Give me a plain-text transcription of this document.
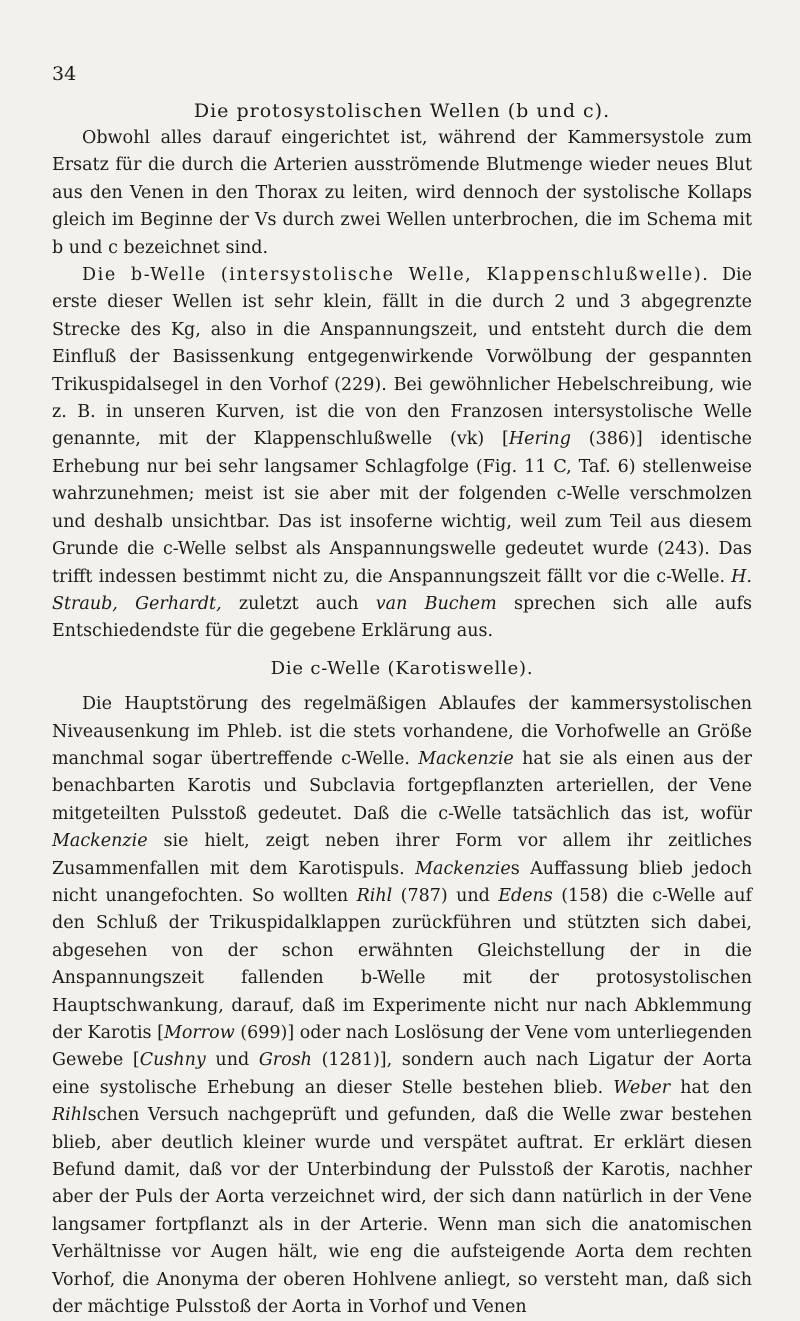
34
Die protosystolischen Wellen (b und c).

Obwohl alles darauf eingerichtet ist, während der Kammersystole zum Ersatz für die durch die Arterien ausströmende Blutmenge wieder neues Blut aus den Venen in den Thorax zu leiten, wird dennoch der systolische Kollaps gleich im Beginne der Vs durch zwei Wellen unterbrochen, die im Schema mit b und c bezeichnet sind.

Die b-Welle (intersystolische Welle, Klappenschlußwelle). Die erste dieser Wellen ist sehr klein, fällt in die durch 2 und 3 abgegrenzte Strecke des Kg, also in die Anspannungszeit, und entsteht durch die dem Einfluß der Basissenkung entgegenwirkende Vorwölbung der gespannten Trikuspidalsegel in den Vorhof (229). Bei gewöhnlicher Hebelschreibung, wie z. B. in unseren Kurven, ist die von den Franzosen intersystolische Welle genannte, mit der Klappenschlußwelle (vk) [Hering (386)] identische Erhebung nur bei sehr langsamer Schlagfolge (Fig. 11 C, Taf. 6) stellenweise wahrzunehmen; meist ist sie aber mit der folgenden c-Welle verschmolzen und deshalb unsichtbar. Das ist insoferne wichtig, weil zum Teil aus diesem Grunde die c-Welle selbst als Anspannungswelle gedeutet wurde (243). Das trifft indessen bestimmt nicht zu, die Anspannungszeit fällt vor die c-Welle. H. Straub, Gerhardt, zuletzt auch van Buchem sprechen sich alle aufs Entschiedendste für die gegebene Erklärung aus.

Die c-Welle (Karotiswelle).

Die Hauptstörung des regelmäßigen Ablaufes der kammersystolischen Niveausenkung im Phleb. ist die stets vorhandene, die Vorhofwelle an Größe manchmal sogar übertreffende c-Welle. Mackenzie hat sie als einen aus der benachbarten Karotis und Subclavia fortgepflanzten arteriellen, der Vene mitgeteilten Pulsstoß gedeutet. Daß die c-Welle tatsächlich das ist, wofür Mackenzie sie hielt, zeigt neben ihrer Form vor allem ihr zeitliches Zusammenfallen mit dem Karotispuls. Mackenzies Auffassung blieb jedoch nicht unangefochten. So wollten Rihl (787) und Edens (158) die c-Welle auf den Schluß der Trikuspidalklappen zurückführen und stützten sich dabei, abgesehen von der schon erwähnten Gleichstellung der in die Anspannungszeit fallenden b-Welle mit der protosystolischen Hauptschwankung, darauf, daß im Experimente nicht nur nach Abklemmung der Karotis [Morrow (699)] oder nach Loslösung der Vene vom unterliegenden Gewebe [Cushny und Grosh (1281)], sondern auch nach Ligatur der Aorta eine systolische Erhebung an dieser Stelle bestehen blieb. Weber hat den Rihlschen Versuch nachgeprüft und gefunden, daß die Welle zwar bestehen blieb, aber deutlich kleiner wurde und verspätet auftrat. Er erklärt diesen Befund damit, daß vor der Unterbindung der Pulsstoß der Karotis, nachher aber der Puls der Aorta verzeichnet wird, der sich dann natürlich in der Vene langsamer fortpflanzt als in der Arterie. Wenn man sich die anatomischen Verhältnisse vor Augen hält, wie eng die aufsteigende Aorta dem rechten Vorhof, die Anonyma der oberen Hohlvene anliegt, so versteht man, daß sich der mächtige Pulsstoß der Aorta in Vorhof und Venen
